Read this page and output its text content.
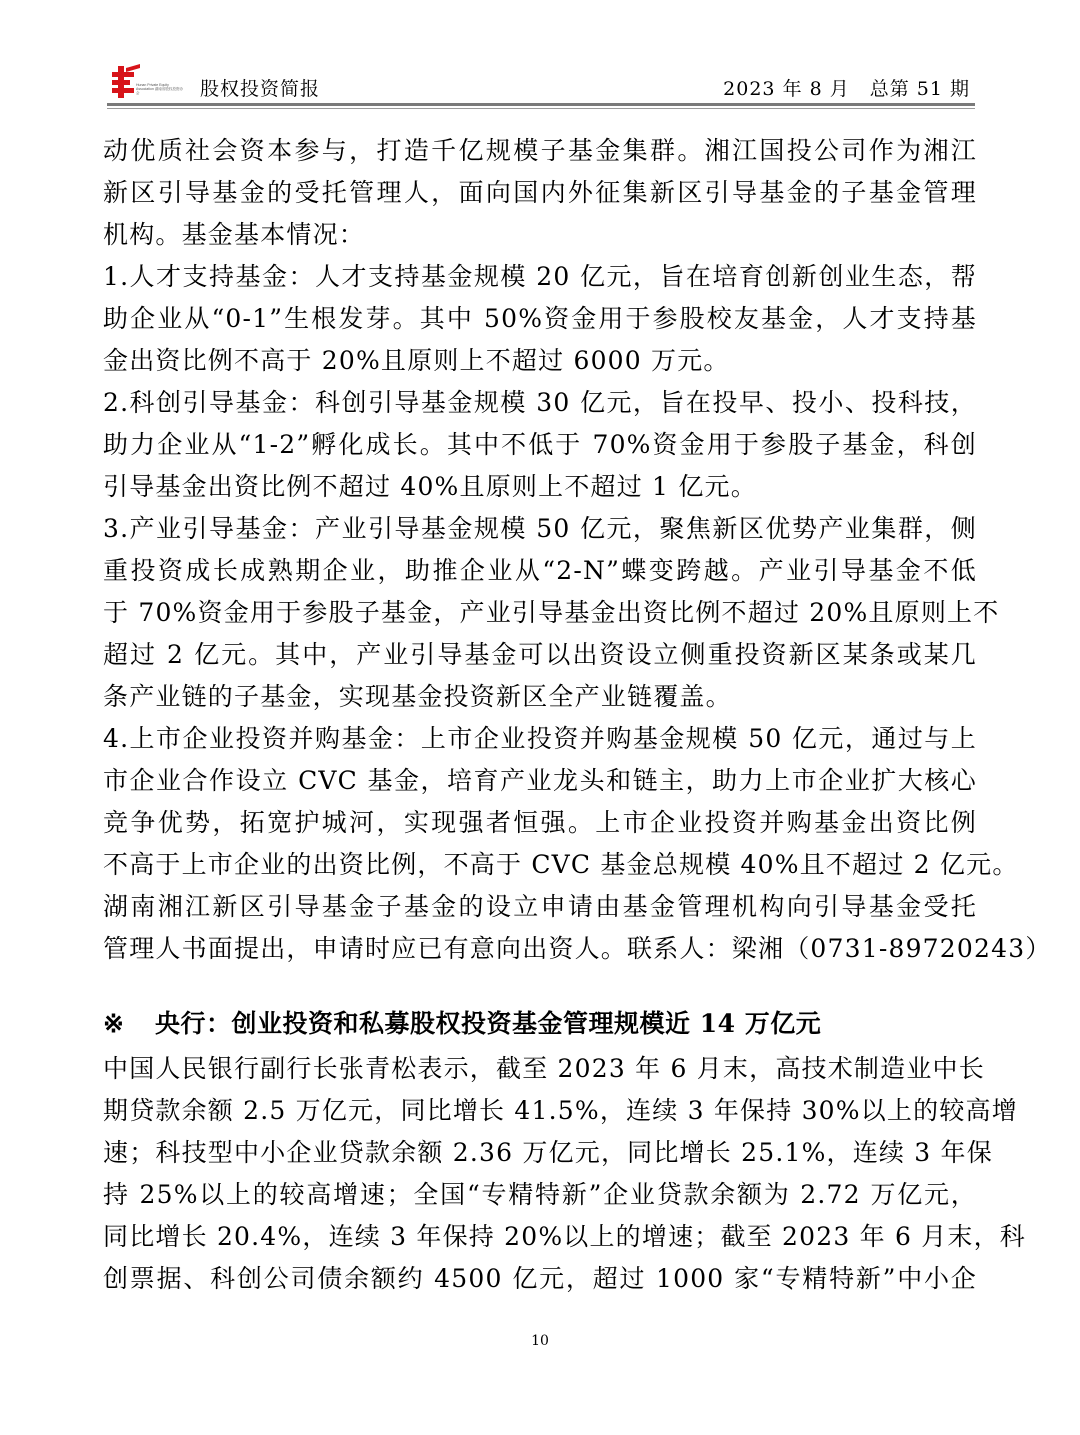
Hunan Private Equity Association 湖南省股权投资协会	股权投资简报	2023 年 8 月　总第 51 期
动优质社会资本参与，打造千亿规模子基金集群。湘江国投公司作为湘江
新区引导基金的受托管理人，面向国内外征集新区引导基金的子基金管理
机构。基金基本情况：
1.人才支持基金：人才支持基金规模 20 亿元，旨在培育创新创业生态，帮
助企业从“0-1”生根发芽。其中 50%资金用于参股校友基金，人才支持基
金出资比例不高于 20%且原则上不超过 6000 万元。
2.科创引导基金：科创引导基金规模 30 亿元，旨在投早、投小、投科技，
助力企业从“1-2”孵化成长。其中不低于 70%资金用于参股子基金，科创
引导基金出资比例不超过 40%且原则上不超过 1 亿元。
3.产业引导基金：产业引导基金规模 50 亿元，聚焦新区优势产业集群，侧
重投资成长成熟期企业，助推企业从“2-N”蝶变跨越。产业引导基金不低
于 70%资金用于参股子基金，产业引导基金出资比例不超过 20%且原则上不
超过 2 亿元。其中，产业引导基金可以出资设立侧重投资新区某条或某几
条产业链的子基金，实现基金投资新区全产业链覆盖。
4.上市企业投资并购基金：上市企业投资并购基金规模 50 亿元，通过与上
市企业合作设立 CVC 基金，培育产业龙头和链主，助力上市企业扩大核心
竞争优势，拓宽护城河，实现强者恒强。上市企业投资并购基金出资比例
不高于上市企业的出资比例，不高于 CVC 基金总规模 40%且不超过 2 亿元。
湖南湘江新区引导基金子基金的设立申请由基金管理机构向引导基金受托
管理人书面提出，申请时应已有意向出资人。联系人：梁湘（0731-89720243）
※ 央行：创业投资和私募股权投资基金管理规模近 14 万亿元
中国人民银行副行长张青松表示，截至 2023 年 6 月末，高技术制造业中长
期贷款余额 2.5 万亿元，同比增长 41.5%，连续 3 年保持 30%以上的较高增
速；科技型中小企业贷款余额 2.36 万亿元，同比增长 25.1%，连续 3 年保
持 25%以上的较高增速；全国“专精特新”企业贷款余额为 2.72 万亿元，
同比增长 20.4%，连续 3 年保持 20%以上的增速；截至 2023 年 6 月末，科
创票据、科创公司债余额约 4500 亿元，超过 1000 家“专精特新”中小企
10
